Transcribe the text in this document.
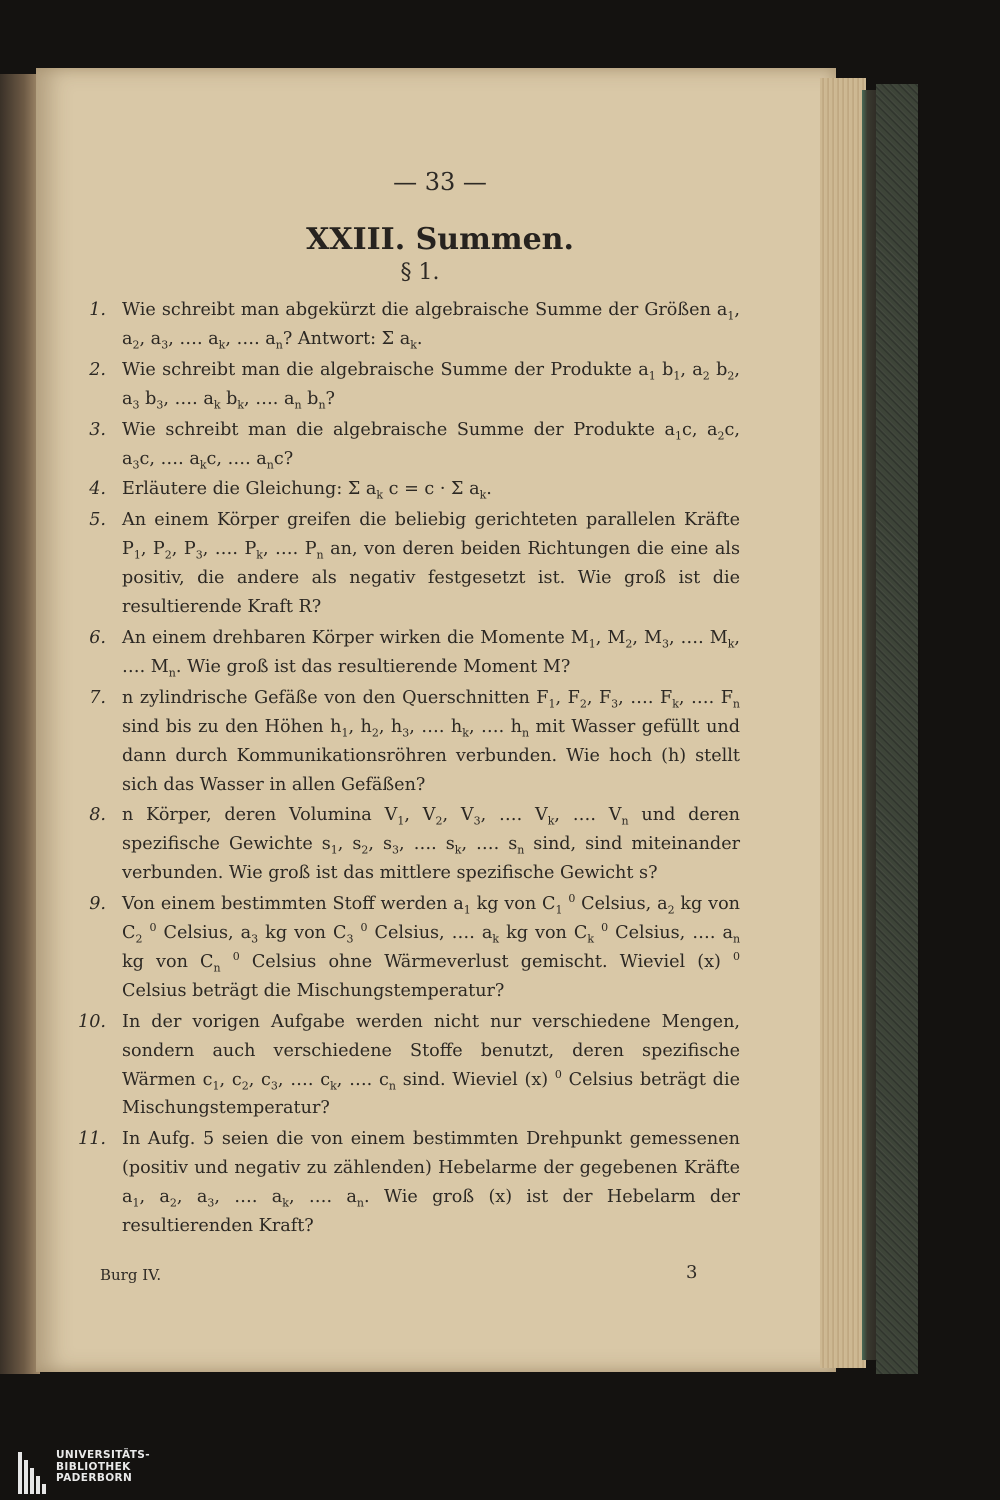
— 33 —
XXIII. Summen.
§ 1.
1. Wie schreibt man abgekürzt die algebraische Summe der Größen $a_1$, $a_2$, $a_3$, …. $a_k$, …. $a_n$? Antwort: Σ $a_k$.
2. Wie schreibt man die algebraische Summe der Produkte $a_1$ $b_1$, $a_2$ $b_2$, $a_3$ $b_3$, …. $a_k$ $b_k$, …. $a_n$ $b_n$?
3. Wie schreibt man die algebraische Summe der Produkte $a_1c$, $a_2c$, $a_3c$, …. $a_kc$, …. $a_nc$?
4. Erläutere die Gleichung: Σ $a_k$ c = c · Σ $a_k$.
5. An einem Körper greifen die beliebig gerichteten parallelen Kräfte $P_1$, $P_2$, $P_3$, …. $P_k$, …. $P_n$ an, von deren beiden Richtungen die eine als positiv, die andere als negativ festgesetzt ist. Wie groß ist die resultierende Kraft R?
6. An einem drehbaren Körper wirken die Momente $M_1$, $M_2$, $M_3$, …. $M_k$, …. $M_n$. Wie groß ist das resultierende Moment M?
7. n zylindrische Gefäße von den Querschnitten $F_1$, $F_2$, $F_3$, …. $F_k$, …. $F_n$ sind bis zu den Höhen $h_1$, $h_2$, $h_3$, …. $h_k$, …. $h_n$ mit Wasser gefüllt und dann durch Kommunikationsröhren verbunden. Wie hoch (h) stellt sich das Wasser in allen Gefäßen?
8. n Körper, deren Volumina $V_1$, $V_2$, $V_3$, …. $V_k$, …. $V_n$ und deren spezifische Gewichte $s_1$, $s_2$, $s_3$, …. $s_k$, …. $s_n$ sind, sind miteinander verbunden. Wie groß ist das mittlere spezifische Gewicht s?
9. Von einem bestimmten Stoff werden $a_1$ kg von $C_1$ $^0$ Celsius, $a_2$ kg von $C_2$ $^0$ Celsius, $a_3$ kg von $C_3$ $^0$ Celsius, …. $a_k$ kg von $C_k$ $^0$ Celsius, …. $a_n$ kg von $C_n$ $^0$ Celsius ohne Wärmeverlust gemischt. Wieviel (x) $^0$ Celsius beträgt die Mischungstemperatur?
10. In der vorigen Aufgabe werden nicht nur verschiedene Mengen, sondern auch verschiedene Stoffe benutzt, deren spezifische Wärmen $c_1$, $c_2$, $c_3$, …. $c_k$, …. $c_n$ sind. Wieviel (x) $^0$ Celsius beträgt die Mischungstemperatur?
11. In Aufg. 5 seien die von einem bestimmten Drehpunkt gemessenen (positiv und negativ zu zählenden) Hebelarme der gegebenen Kräfte $a_1$, $a_2$, $a_3$, …. $a_k$, …. $a_n$. Wie groß (x) ist der Hebelarm der resultierenden Kraft?
Burg IV.	3
UNIVERSITÄTS-
BIBLIOTHEK
PADERBORN
